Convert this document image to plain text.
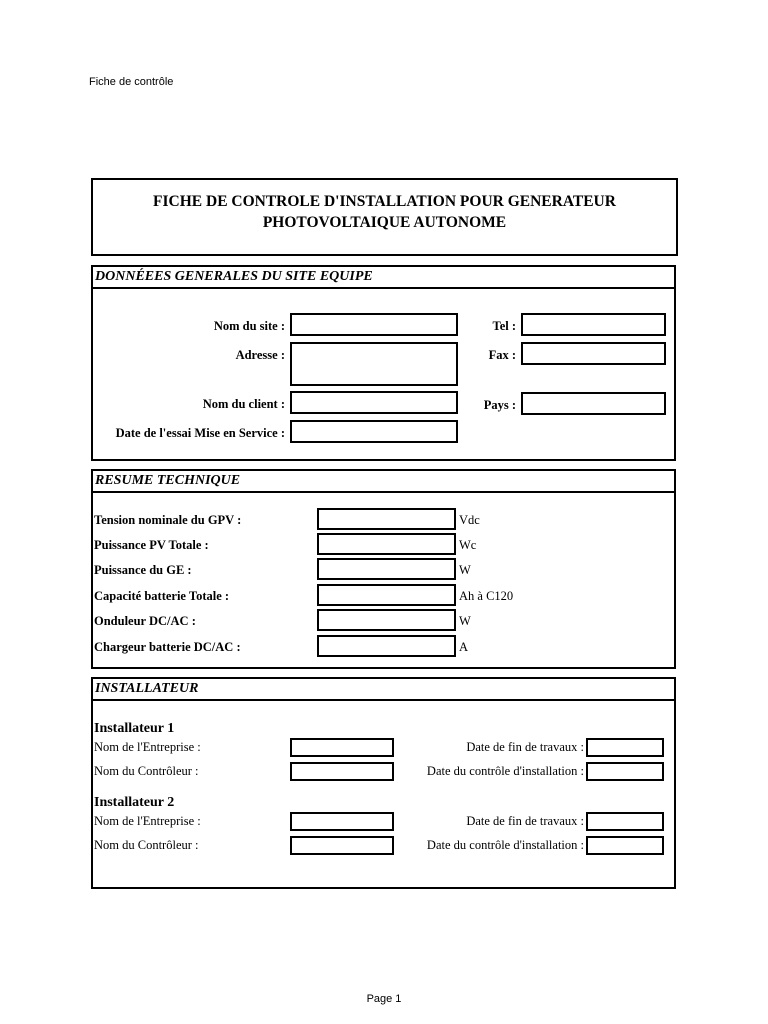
Fiche de contrôle
FICHE DE CONTROLE D'INSTALLATION POUR GENERATEUR
PHOTOVOLTAIQUE AUTONOME
DONNÉEES GENERALES DU SITE EQUIPE
Nom du site :
Adresse :
Nom du client :
Date de l'essai Mise en Service :
Tel :
Fax :
Pays :
RESUME TECHNIQUE
Tension nominale du GPV :	Vdc
Puissance PV Totale :	Wc
Puissance du GE :	W
Capacité batterie Totale :	Ah à C120
Onduleur DC/AC :	W
Chargeur batterie DC/AC :	A
INSTALLATEUR
Installateur 1
Nom de l'Entreprise :
Nom du Contrôleur :
Date de fin de travaux :
Date du contrôle d'installation :
Installateur 2
Nom de l'Entreprise :
Nom du Contrôleur :
Date de fin de travaux :
Date du contrôle d'installation :
Page 1
